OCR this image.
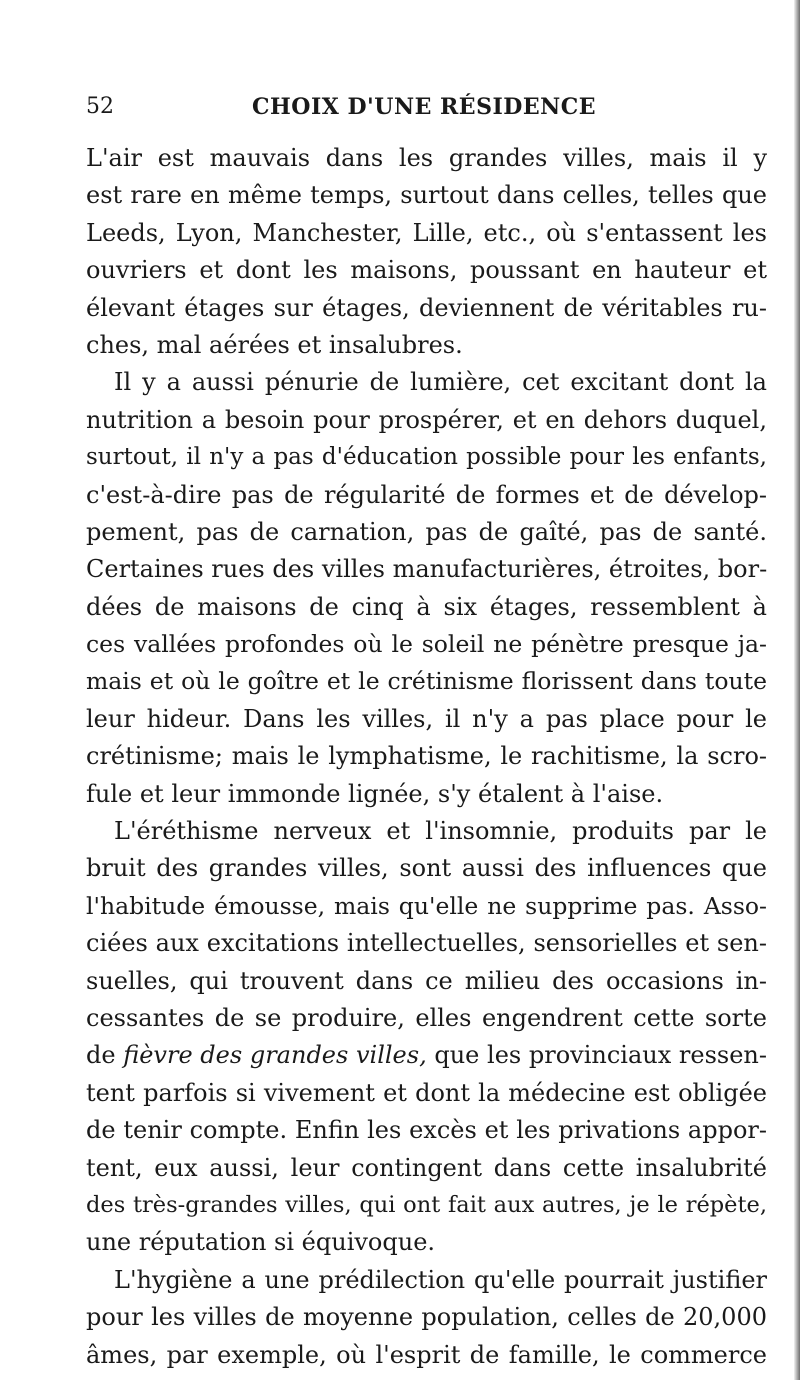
52	CHOIX D'UNE RÉSIDENCE
L'air est mauvais dans les grandes villes, mais il y
est rare en même temps, surtout dans celles, telles que
Leeds, Lyon, Manchester, Lille, etc., où s'entassent les
ouvriers et dont les maisons, poussant en hauteur et
élevant étages sur étages, deviennent de véritables ru-
ches, mal aérées et insalubres.
Il y a aussi pénurie de lumière, cet excitant dont la
nutrition a besoin pour prospérer, et en dehors duquel,
surtout, il n'y a pas d'éducation possible pour les enfants,
c'est-à-dire pas de régularité de formes et de dévelop-
pement, pas de carnation, pas de gaîté, pas de santé.
Certaines rues des villes manufacturières, étroites, bor-
dées de maisons de cinq à six étages, ressemblent à
ces vallées profondes où le soleil ne pénètre presque ja-
mais et où le goître et le crétinisme florissent dans toute
leur hideur. Dans les villes, il n'y a pas place pour le
crétinisme; mais le lymphatisme, le rachitisme, la scro-
fule et leur immonde lignée, s'y étalent à l'aise.
L'éréthisme nerveux et l'insomnie, produits par le
bruit des grandes villes, sont aussi des influences que
l'habitude émousse, mais qu'elle ne supprime pas. Asso-
ciées aux excitations intellectuelles, sensorielles et sen-
suelles, qui trouvent dans ce milieu des occasions in-
cessantes de se produire, elles engendrent cette sorte
de fièvre des grandes villes, que les provinciaux ressen-
tent parfois si vivement et dont la médecine est obligée
de tenir compte. Enfin les excès et les privations appor-
tent, eux aussi, leur contingent dans cette insalubrité
des très-grandes villes, qui ont fait aux autres, je le répète,
une réputation si équivoque.
L'hygiène a une prédilection qu'elle pourrait justifier
pour les villes de moyenne population, celles de 20,000
âmes, par exemple, où l'esprit de famille, le commerce
